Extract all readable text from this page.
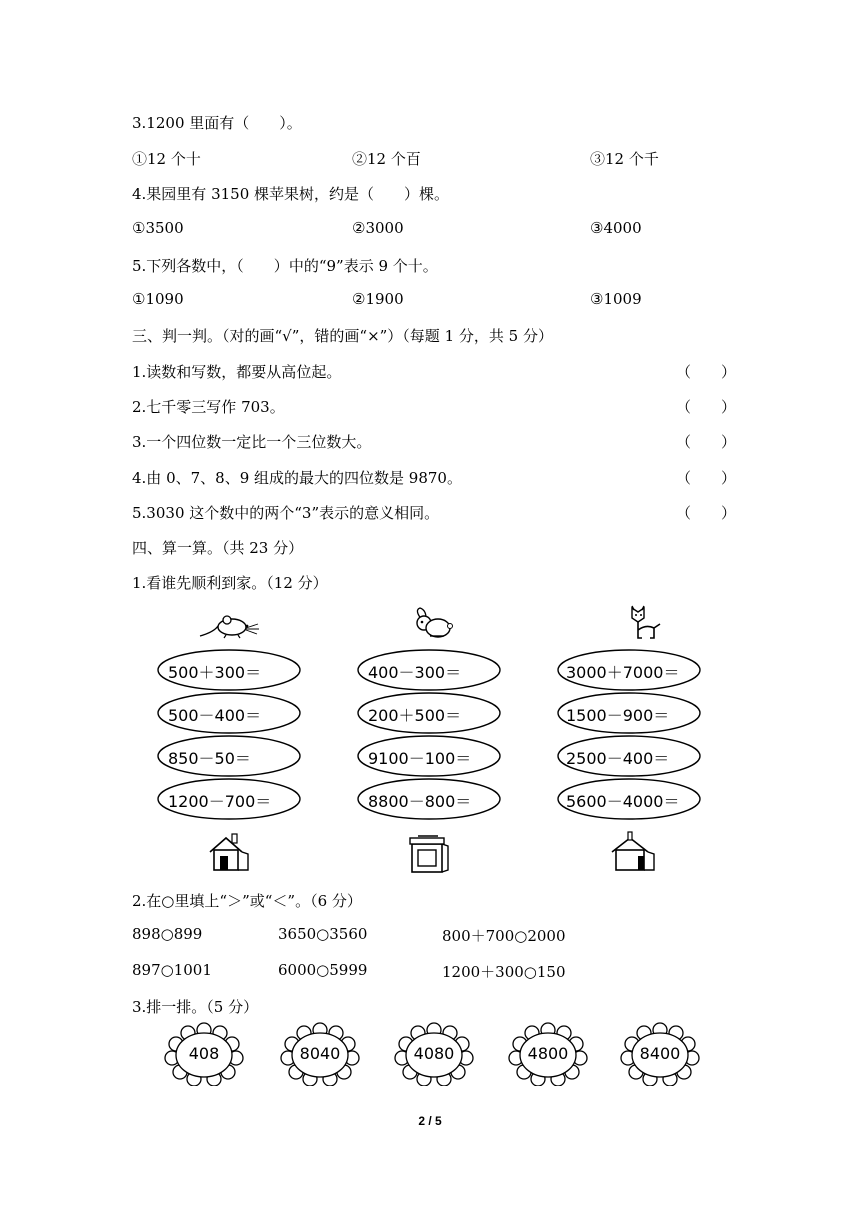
3.1200 里面有（　　）。
①12 个十	②12 个百	③12 个千
4.果园里有 3150 棵苹果树，约是（　　）棵。
①3500	②3000	③4000
5.下列各数中，（　　）中的“9”表示 9 个十。
①1090	②1900	③1009
三、判一判。（对的画“√”，错的画“×”）（每题 1 分，共 5 分）
1.读数和写数，都要从高位起。	（　　）
2.七千零三写作 703。	（　　）
3.一个四位数一定比一个三位数大。	（　　）
4.由 0、7、8、9 组成的最大的四位数是 9870。	（　　）
5.3030 这个数中的两个“3”表示的意义相同。	（　　）
四、算一算。（共 23 分）
1.看谁先顺利到家。（12 分）
500＋300＝
500－400＝
850－50＝
1200－700＝
400－300＝
200＋500＝
9100－100＝
8800－800＝
3000＋7000＝
1500－900＝
2500－400＝
5600－4000＝
2.在○里填上“＞”或“＜”。（6 分）
898○899	3650○3560	800＋700○2000
897○1001	6000○5999	1200＋300○150
3.排一排。（5 分）
408	8040	4080	4800	8400
2 / 5
